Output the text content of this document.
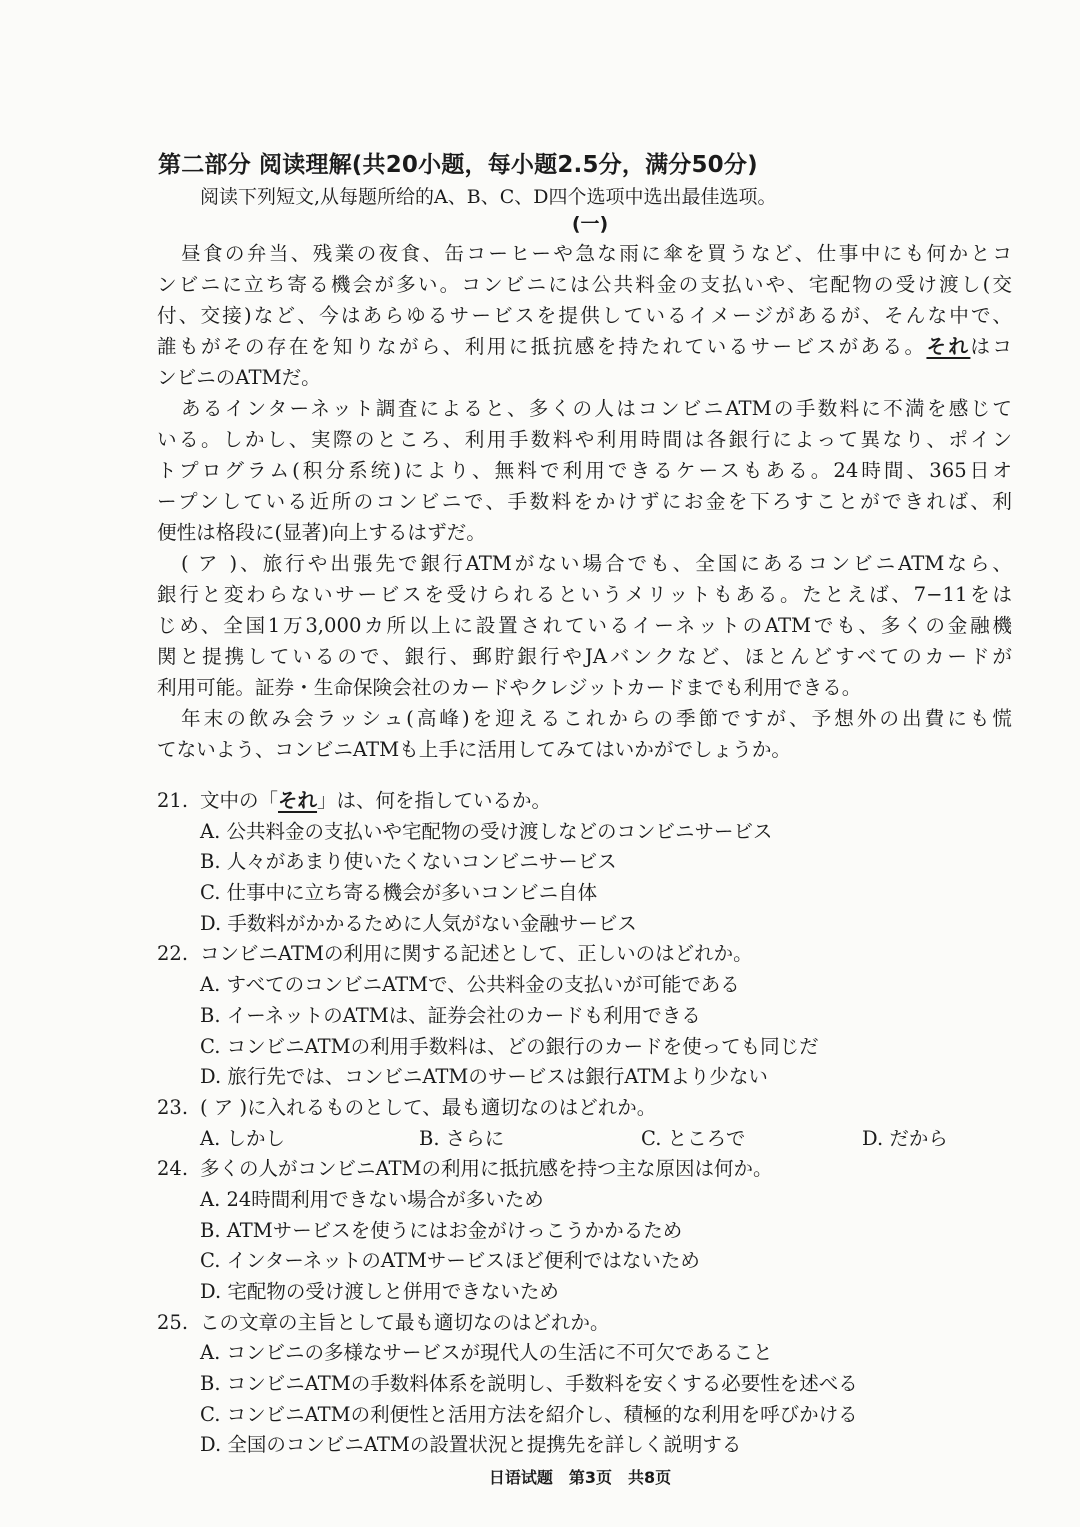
第二部分 阅读理解(共20小题，每小题2.5分，满分50分)
阅读下列短文,从每题所给的A、B、C、D四个选项中选出最佳选项。
(一)
昼食の弁当、残業の夜食、缶コーヒーや急な雨に傘を買うなど、仕事中にも何かとコ
ンビニに立ち寄る機会が多い。コンビニには公共料金の支払いや、宅配物の受け渡し(交
付、交接)など、今はあらゆるサービスを提供しているイメージがあるが、そんな中で、
誰もがその存在を知りながら、利用に抵抗感を持たれているサービスがある。それはコ
ンビニのATMだ。
あるインターネット調査によると、多くの人はコンビニATMの手数料に不満を感じて
いる。しかし、実際のところ、利用手数料や利用時間は各銀行によって異なり、ポイン
トプログラム(积分系统)により、無料で利用できるケースもある。24時間、365日オ
ープンしている近所のコンビニで、手数料をかけずにお金を下ろすことができれば、利
便性は格段に(显著)向上するはずだ。
( ア )、旅行や出張先で銀行ATMがない場合でも、全国にあるコンビニATMなら、
銀行と変わらないサービスを受けられるというメリットもある。たとえば、7−11をは
じめ、全国1万3,000カ所以上に設置されているイーネットのATMでも、多くの金融機
関と提携しているので、銀行、郵貯銀行やJAバンクなど、ほとんどすべてのカードが
利用可能。証券・生命保険会社のカードやクレジットカードまでも利用できる。
年末の飲み会ラッシュ(高峰)を迎えるこれからの季節ですが、予想外の出費にも慌
てないよう、コンビニATMも上手に活用してみてはいかがでしょうか。
21. 文中の「それ」は、何を指しているか。
A. 公共料金の支払いや宅配物の受け渡しなどのコンビニサービス
B. 人々があまり使いたくないコンビニサービス
C. 仕事中に立ち寄る機会が多いコンビニ自体
D. 手数料がかかるために人気がない金融サービス
22. コンビニATMの利用に関する記述として、正しいのはどれか。
A. すべてのコンビニATMで、公共料金の支払いが可能である
B. イーネットのATMは、証券会社のカードも利用できる
C. コンビニATMの利用手数料は、どの銀行のカードを使っても同じだ
D. 旅行先では、コンビニATMのサービスは銀行ATMより少ない
23. ( ア )に入れるものとして、最も適切なのはどれか。
A. しかし	B. さらに	C. ところで	D. だから
24. 多くの人がコンビニATMの利用に抵抗感を持つ主な原因は何か。
A. 24時間利用できない場合が多いため
B. ATMサービスを使うにはお金がけっこうかかるため
C. インターネットのATMサービスほど便利ではないため
D. 宅配物の受け渡しと併用できないため
25. この文章の主旨として最も適切なのはどれか。
A. コンビニの多様なサービスが現代人の生活に不可欠であること
B. コンビニATMの手数料体系を説明し、手数料を安くする必要性を述べる
C. コンビニATMの利便性と活用方法を紹介し、積極的な利用を呼びかける
D. 全国のコンビニATMの設置状況と提携先を詳しく説明する
日语试题　第3页　共8页
